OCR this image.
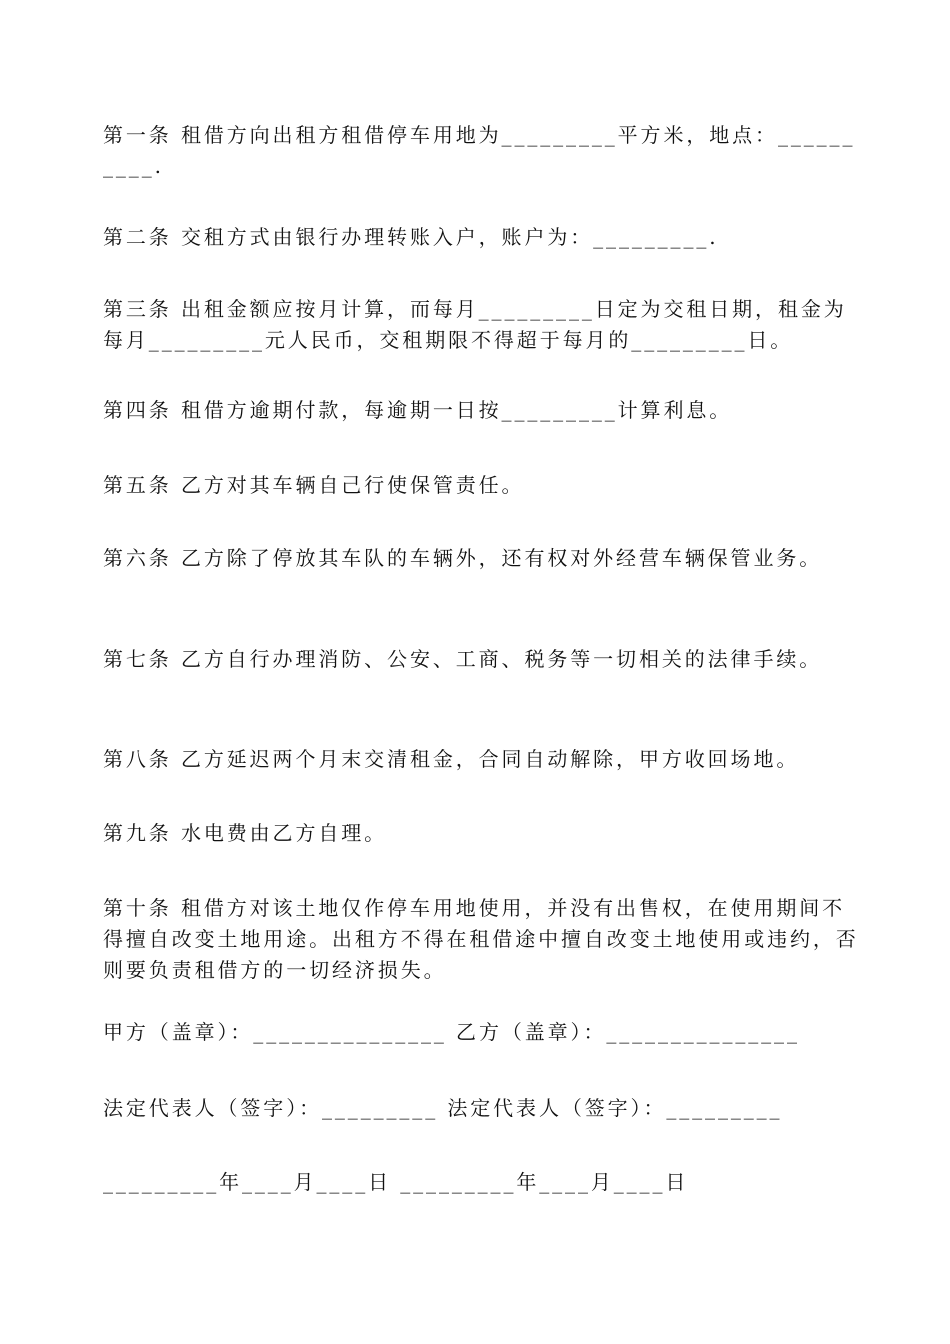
第一条 租借方向出租方租借停车用地为_________平方米，地点：__________.

第二条 交租方式由银行办理转账入户，账户为：_________.

第三条 出租金额应按月计算，而每月_________日定为交租日期，租金为每月_________元人民币，交租期限不得超于每月的_________日。

第四条 租借方逾期付款，每逾期一日按_________计算利息。

第五条 乙方对其车辆自己行使保管责任。

第六条 乙方除了停放其车队的车辆外，还有权对外经营车辆保管业务。

第七条 乙方自行办理消防、公安、工商、税务等一切相关的法律手续。

第八条 乙方延迟两个月末交清租金，合同自动解除，甲方收回场地。

第九条 水电费由乙方自理。

第十条 租借方对该土地仅作停车用地使用，并没有出售权，在使用期间不得擅自改变土地用途。出租方不得在租借途中擅自改变土地使用或违约，否则要负责租借方的一切经济损失。

甲方（盖章）：_______________ 乙方（盖章）：_______________

法定代表人（签字）：_________ 法定代表人（签字）：_________

_________年____月____日 _________年____月____日
